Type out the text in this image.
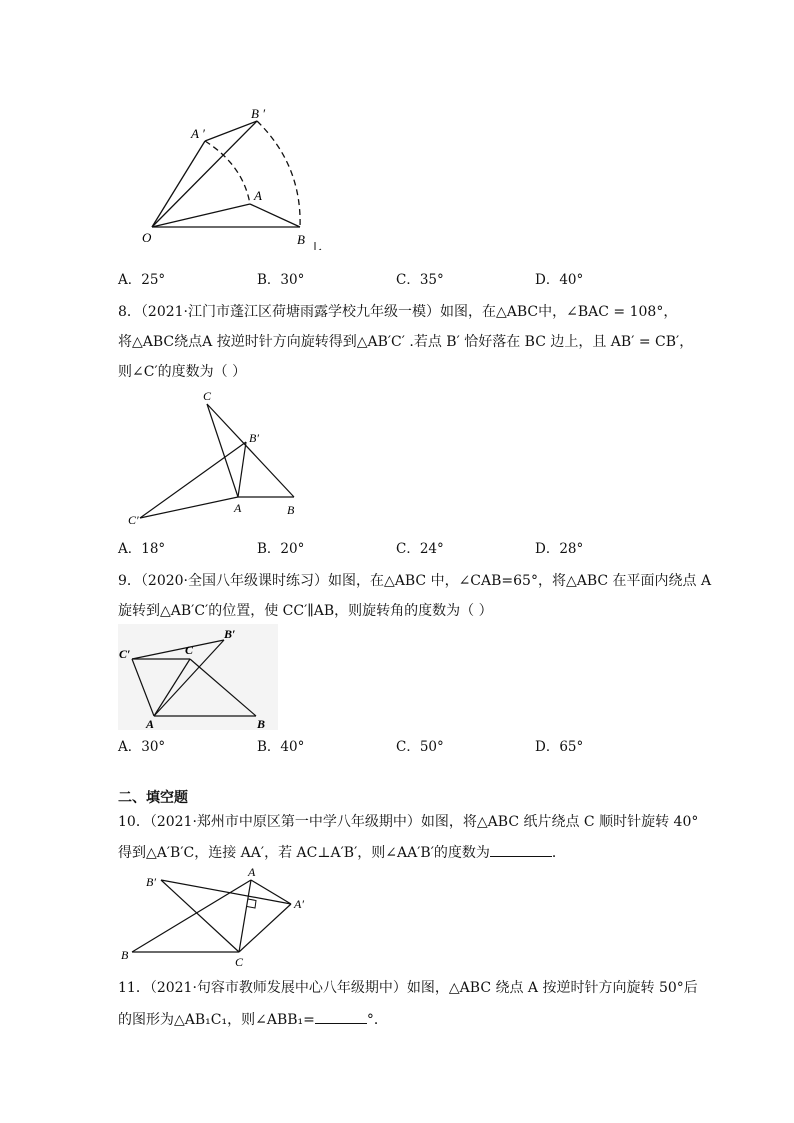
A ′
B ′
A
O	B
A．25°	B．30°	C．35°	D．40°
8．（2021·江门市蓬江区荷塘雨露学校九年级一模）如图，在△ABC中，∠BAC = 108°，
将△ABC绕点A 按逆时针方向旋转得到△AB′C′ .若点 B′ 恰好落在 BC 边上，且 AB′ = CB′，
则∠C′的度数为（ ）
C
B′
C′
A	B
A．18°	B．20°	C．24°	D．28°
9．（2020·全国八年级课时练习）如图，在△ABC 中，∠CAB=65°，将△ABC 在平面内绕点 A
旋转到△AB′C′的位置，使 CC′∥AB，则旋转角的度数为（ ）
B′
C′	C
A	B
A．30°	B．40°	C．50°	D．65°
二、填空题
10．（2021·郑州市中原区第一中学八年级期中）如图，将△ABC 纸片绕点 C 顺时针旋转 40°
得到△A′B′C，连接 AA′，若 AC⊥A′B′，则∠AA′B′的度数为	．
B′
A
A′
B	C
11．（2021·句容市教师发展中心八年级期中）如图，△ABC 绕点 A 按逆时针方向旋转 50°后
的图形为△AB₁C₁，则∠ABB₁=	°．
